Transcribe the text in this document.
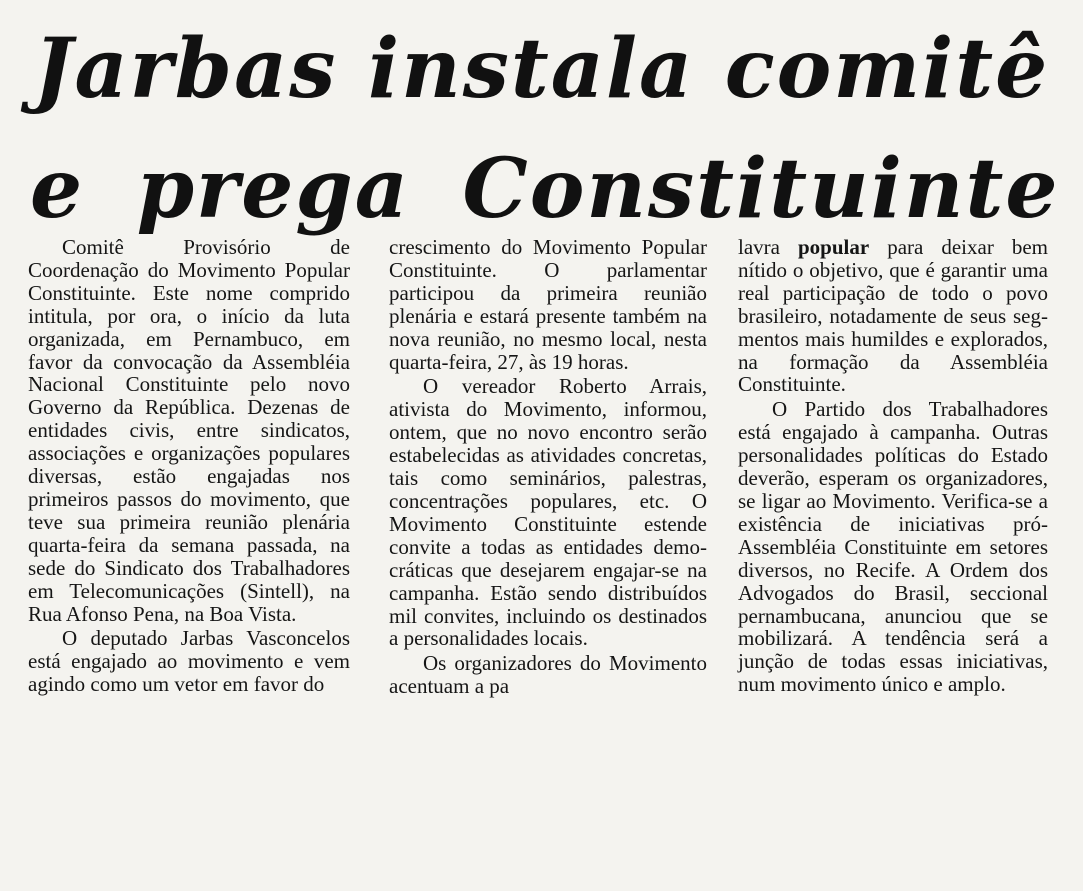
Jarbas instala comitê
e prega Constituinte

Comitê Provisório de Coordenação do Movimento Popular Constituinte. Este nome comprido intitula, por ora, o início da luta organizada, em Pernambuco, em favor da convocação da Assembléia Nacional Constituinte pelo novo Governo da República. Dezenas de entidades civis, entre sindicatos, associações e organizações populares diversas, estão engajadas nos primeiros passos do movimento, que teve sua primeira reunião plenária quarta-feira da semana passada, na sede do Sindicato dos Trabalhadores em Telecomunicações (Sintell), na Rua Afonso Pena, na Boa Vista.

O deputado Jarbas Vasconcelos está engajado ao movimento e vem agindo como um vetor em favor do

crescimento do Movimento Popular Constituinte. O parlamentar participou da primeira reunião plenária e estará presente também na nova reunião, no mesmo local, nesta quarta-feira, 27, às 19 horas.

O vereador Roberto Arrais, ativista do Movimento, informou, ontem, que no novo encontro serão estabelecidas as atividades concretas, tais como seminários, palestras, concentrações populares, etc. O Movimento Constituinte estende convite a todas as entidades democráticas que desejarem engajar-se na campanha. Estão sendo distribuídos mil convites, incluindo os destinados a personalidades locais.

Os organizadores do Movimento acentuam a pa

lavra popular para deixar bem nítido o objetivo, que é garantir uma real participação de todo o povo brasileiro, notadamente de seus segmentos mais humildes e explorados, na formação da Assembléia Constituinte.

O Partido dos Trabalhadores está engajado à campanha. Outras personalidades políticas do Estado deverão, esperam os organizadores, se ligar ao Movimento. Verifica-se a existência de iniciativas pró-Assembléia Constituinte em setores diversos, no Recife. A Ordem dos Advogados do Brasil, seccional pernambucana, anunciou que se mobilizará. A tendência será a junção de todas essas iniciativas, num movimento único e amplo.
